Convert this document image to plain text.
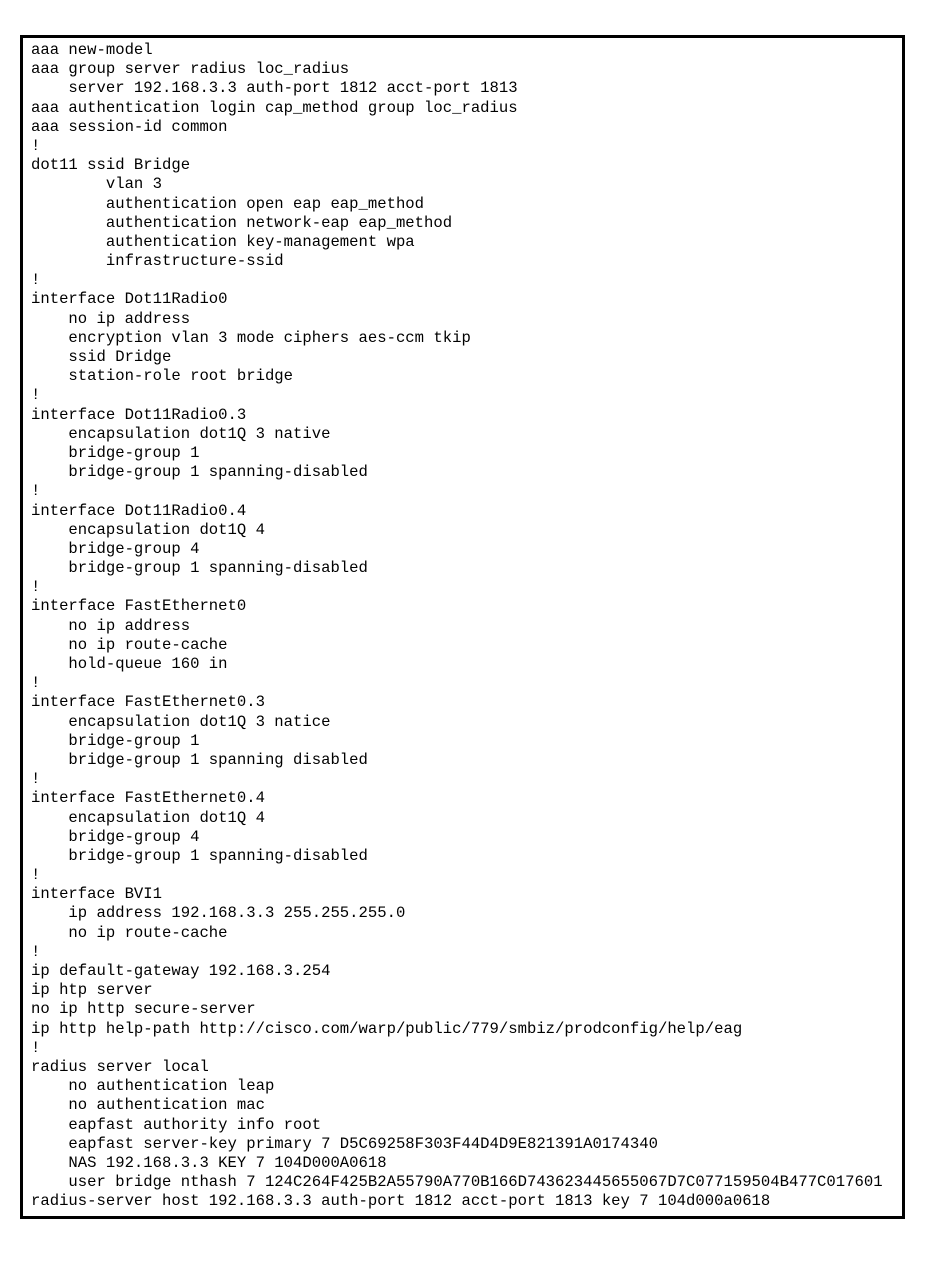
aaa new-model
aaa group server radius loc_radius
server 192.168.3.3 auth-port 1812 acct-port 1813
aaa authentication login cap_method group loc_radius
aaa session-id common
!
dot11 ssid Bridge
vlan 3
authentication open eap eap_method
authentication network-eap eap_method
authentication key-management wpa
infrastructure-ssid
!
interface Dot11Radio0
no ip address
encryption vlan 3 mode ciphers aes-ccm tkip
ssid Dridge
station-role root bridge
!
interface Dot11Radio0.3
encapsulation dot1Q 3 native
bridge-group 1
bridge-group 1 spanning-disabled
!
interface Dot11Radio0.4
encapsulation dot1Q 4
bridge-group 4
bridge-group 1 spanning-disabled
!
interface FastEthernet0
no ip address
no ip route-cache
hold-queue 160 in
!
interface FastEthernet0.3
encapsulation dot1Q 3 natice
bridge-group 1
bridge-group 1 spanning disabled
!
interface FastEthernet0.4
encapsulation dot1Q 4
bridge-group 4
bridge-group 1 spanning-disabled
!
interface BVI1
ip address 192.168.3.3 255.255.255.0
no ip route-cache
!
ip default-gateway 192.168.3.254
ip htp server
no ip http secure-server
ip http help-path http://cisco.com/warp/public/779/smbiz/prodconfig/help/eag
!
radius server local
no authentication leap
no authentication mac
eapfast authority info root
eapfast server-key primary 7 D5C69258F303F44D4D9E821391A0174340
NAS 192.168.3.3 KEY 7 104D000A0618
user bridge nthash 7 124C264F425B2A55790A770B166D743623445655067D7C077159504B477C017601
radius-server host 192.168.3.3 auth-port 1812 acct-port 1813 key 7 104d000a0618
